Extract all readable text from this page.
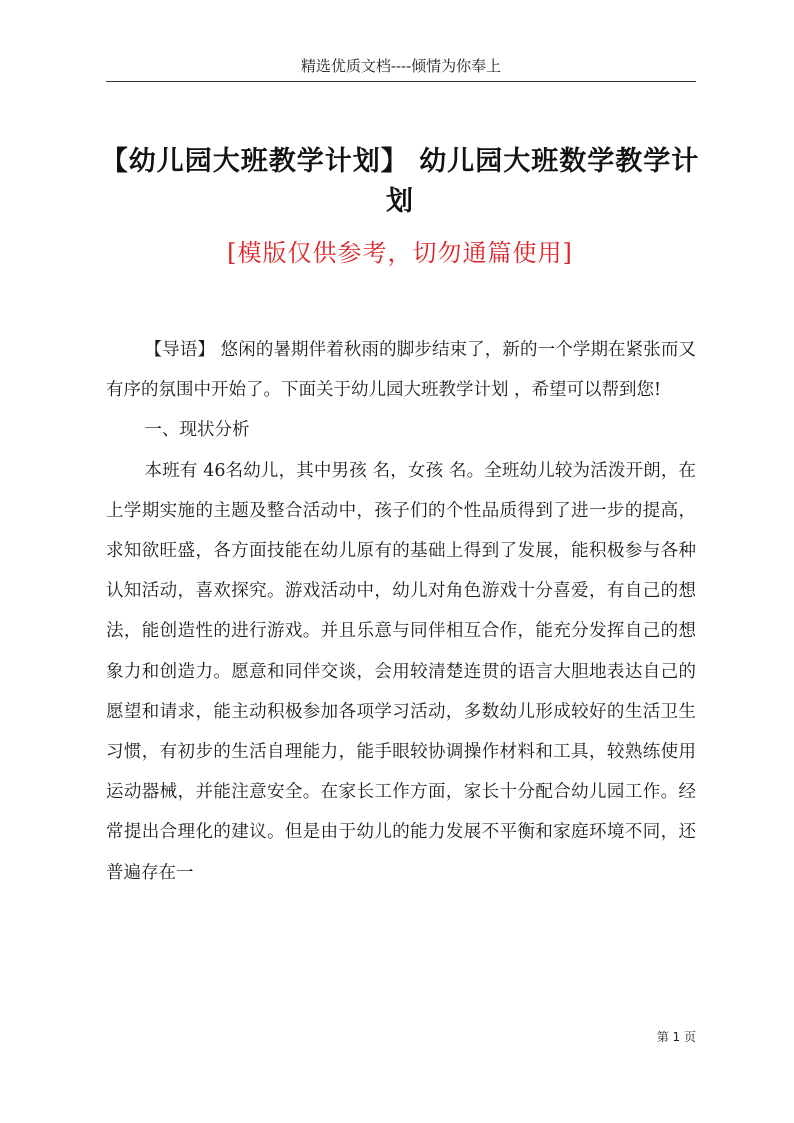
精选优质文档----倾情为你奉上
【幼儿园大班教学计划】 幼儿园大班数学教学计划
[模版仅供参考，切勿通篇使用]

【导语】 悠闲的暑期伴着秋雨的脚步结束了，新的一个学期在紧张而又有序的氛围中开始了。下面关于幼儿园大班教学计划 ，希望可以帮到您!

一、现状分析

本班有 46名幼儿，其中男孩 名，女孩 名。全班幼儿较为活泼开朗，在上学期实施的主题及整合活动中，孩子们的个性品质得到了进一步的提高，求知欲旺盛，各方面技能在幼儿原有的基础上得到了发展，能积极参与各种认知活动，喜欢探究。游戏活动中，幼儿对角色游戏十分喜爱，有自己的想法，能创造性的进行游戏。并且乐意与同伴相互合作，能充分发挥自己的想象力和创造力。愿意和同伴交谈，会用较清楚连贯的语言大胆地表达自己的愿望和请求，能主动积极参加各项学习活动，多数幼儿形成较好的生活卫生习惯，有初步的生活自理能力，能手眼较协调操作材料和工具，较熟练使用运动器械，并能注意安全。在家长工作方面，家长十分配合幼儿园工作。经常提出合理化的建议。但是由于幼儿的能力发展不平衡和家庭环境不同，还普遍存在一

第 1 页
